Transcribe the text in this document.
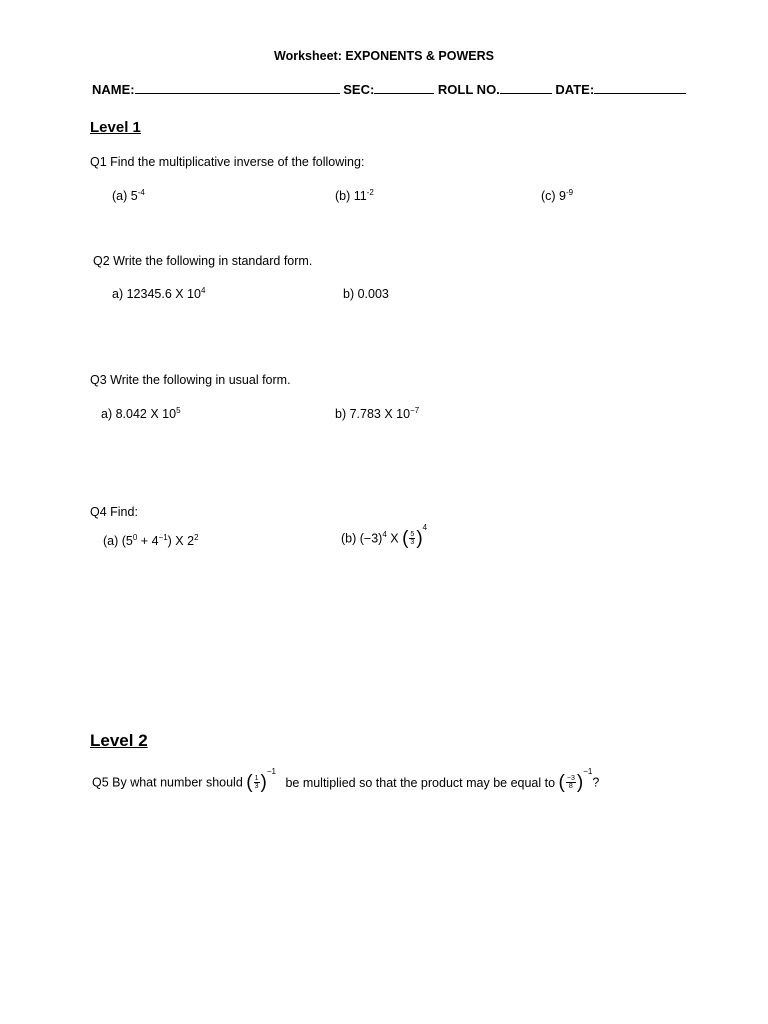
Worksheet: EXPONENTS & POWERS
NAME:	SEC:	ROLL NO.	DATE:
Level 1
Q1 Find the multiplicative inverse of the following:
(a) $5^{-4}$	(b) $11^{-2}$	(c) $9^{-9}$
Q2 Write the following in standard form.
a) 12345.6 X $10^4$	b) 0.003
Q3 Write the following in usual form.
a) 8.042 X $10^5$	b) 7.783 X $10^{-7}$
Q4 Find:
(a) $(5^0 + 4^{-1})$ X $2^2$	(b) $(-3)^4$ X ( $\frac{5}{3} )^4$
Level 2
Q5 By what number should ( $\frac{1}{3} )^{-1}$ be multiplied so that the product may be equal to ( $\frac{-3}{8} )^{-1}$?
